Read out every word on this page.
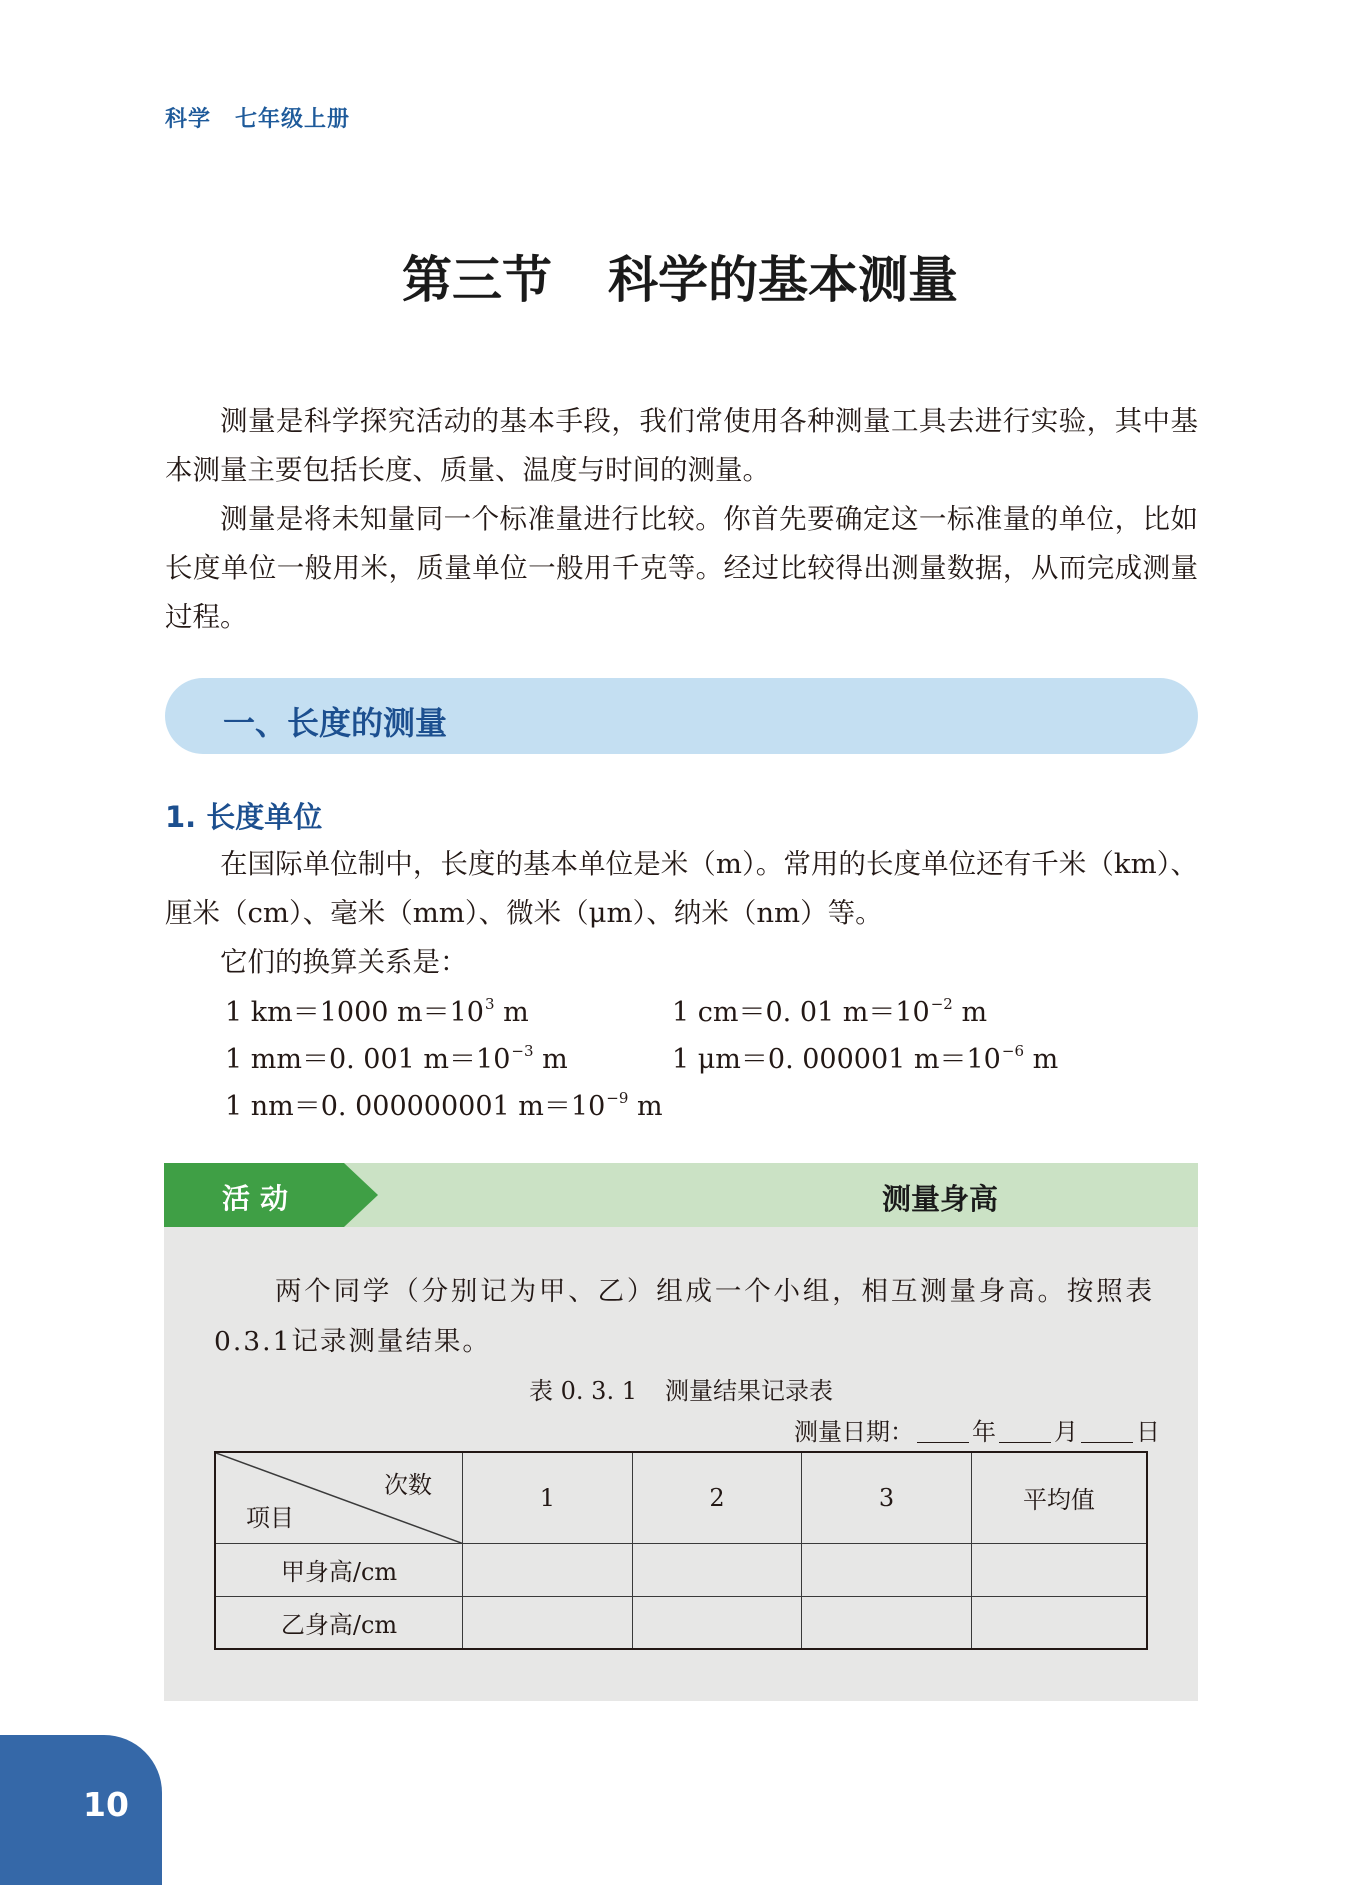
科学 七年级上册
第三节 科学的基本测量

测量是科学探究活动的基本手段，我们常使用各种测量工具去进行实验，其中基本测量主要包括长度、质量、温度与时间的测量。

测量是将未知量同一个标准量进行比较。你首先要确定这一标准量的单位，比如长度单位一般用米，质量单位一般用千克等。经过比较得出测量数据，从而完成测量过程。

一、长度的测量
1. 长度单位

在国际单位制中，长度的基本单位是米（m）。常用的长度单位还有千米（km）、厘米（cm）、毫米（mm）、微米（μm）、纳米（nm）等。

它们的换算关系是：

1 km＝1000 $m=10^3$ m	1 cm＝0. 01 $m=10^{-2}$ m
1 mm＝0. 001 $m=10^{-3}$ m	1 μm＝0. 000001 $m=10^{-6}$ m
1 nm＝0. 000000001 $m=10^{-9}$ m
活动	测量身高

两个同学（分别记为甲、乙）组成一个小组，相互测量身高。按照表0.3.1记录测量结果。

表 0. 3. 1 测量结果记录表
测量日期： 年 月 日
次数
项目	1	2	3	平均值
甲身高/cm				
乙身高/cm				
10
